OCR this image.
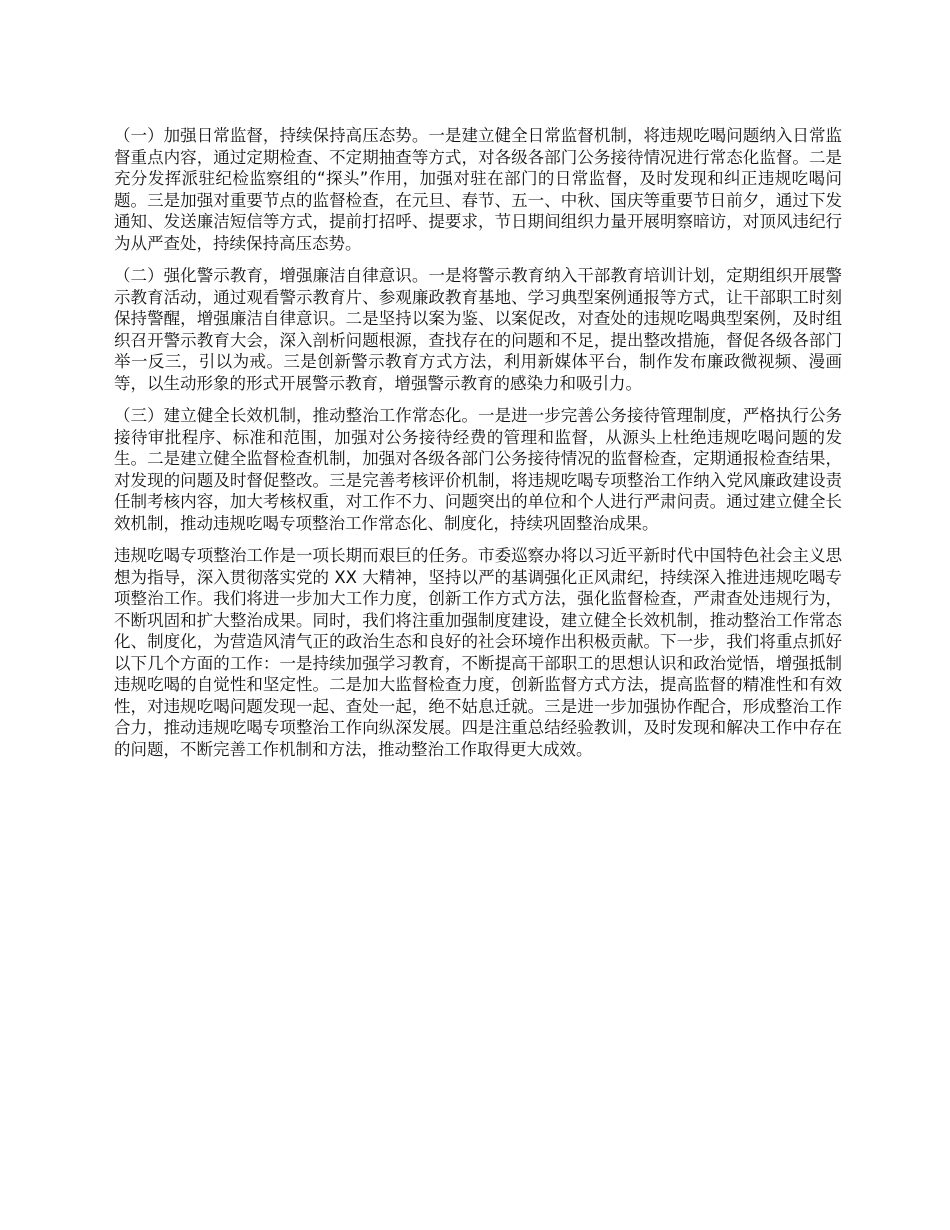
（一）加强日常监督，持续保持高压态势。一是建立健全日常监督机制，将违规吃喝问题纳入日常监督重点内容，通过定期检查、不定期抽查等方式，对各级各部门公务接待情况进行常态化监督。二是充分发挥派驻纪检监察组的“探头”作用，加强对驻在部门的日常监督，及时发现和纠正违规吃喝问题。三是加强对重要节点的监督检查，在元旦、春节、五一、中秋、国庆等重要节日前夕，通过下发通知、发送廉洁短信等方式，提前打招呼、提要求，节日期间组织力量开展明察暗访，对顶风违纪行为从严查处，持续保持高压态势。

（二）强化警示教育，增强廉洁自律意识。一是将警示教育纳入干部教育培训计划，定期组织开展警示教育活动，通过观看警示教育片、参观廉政教育基地、学习典型案例通报等方式，让干部职工时刻保持警醒，增强廉洁自律意识。二是坚持以案为鉴、以案促改，对查处的违规吃喝典型案例，及时组织召开警示教育大会，深入剖析问题根源，查找存在的问题和不足，提出整改措施，督促各级各部门举一反三，引以为戒。三是创新警示教育方式方法，利用新媒体平台，制作发布廉政微视频、漫画等，以生动形象的形式开展警示教育，增强警示教育的感染力和吸引力。

（三）建立健全长效机制，推动整治工作常态化。一是进一步完善公务接待管理制度，严格执行公务接待审批程序、标准和范围，加强对公务接待经费的管理和监督，从源头上杜绝违规吃喝问题的发生。二是建立健全监督检查机制，加强对各级各部门公务接待情况的监督检查，定期通报检查结果，对发现的问题及时督促整改。三是完善考核评价机制，将违规吃喝专项整治工作纳入党风廉政建设责任制考核内容，加大考核权重，对工作不力、问题突出的单位和个人进行严肃问责。通过建立健全长效机制，推动违规吃喝专项整治工作常态化、制度化，持续巩固整治成果。

违规吃喝专项整治工作是一项长期而艰巨的任务。市委巡察办将以习近平新时代中国特色社会主义思想为指导，深入贯彻落实党的 XX 大精神，坚持以严的基调强化正风肃纪，持续深入推进违规吃喝专项整治工作。我们将进一步加大工作力度，创新工作方式方法，强化监督检查，严肃查处违规行为，不断巩固和扩大整治成果。同时，我们将注重加强制度建设，建立健全长效机制，推动整治工作常态化、制度化，为营造风清气正的政治生态和良好的社会环境作出积极贡献。下一步，我们将重点抓好以下几个方面的工作：一是持续加强学习教育，不断提高干部职工的思想认识和政治觉悟，增强抵制违规吃喝的自觉性和坚定性。二是加大监督检查力度，创新监督方式方法，提高监督的精准性和有效性，对违规吃喝问题发现一起、查处一起，绝不姑息迁就。三是进一步加强协作配合，形成整治工作合力，推动违规吃喝专项整治工作向纵深发展。四是注重总结经验教训，及时发现和解决工作中存在的问题，不断完善工作机制和方法，推动整治工作取得更大成效。
